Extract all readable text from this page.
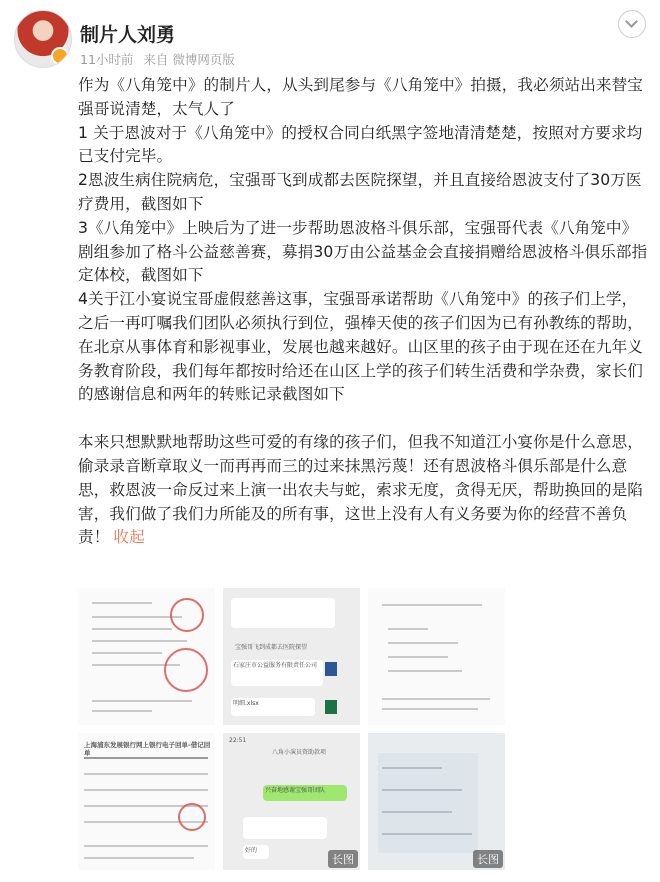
制片人刘勇
11小时前 来自 微博网页版

作为《八角笼中》的制片人，从头到尾参与《八角笼中》拍摄，我必须站出来替宝强哥说清楚，太气人了

1 关于恩波对于《八角笼中》的授权合同白纸黑字签地清清楚楚，按照对方要求均已支付完毕。

2恩波生病住院病危，宝强哥飞到成都去医院探望，并且直接给恩波支付了30万医疗费用，截图如下

3《八角笼中》上映后为了进一步帮助恩波格斗俱乐部，宝强哥代表《八角笼中》剧组参加了格斗公益慈善赛，募捐30万由公益基金会直接捐赠给恩波格斗俱乐部指定体校，截图如下

4关于江小宴说宝哥虚假慈善这事，宝强哥承诺帮助《八角笼中》的孩子们上学，之后一再叮嘱我们团队必须执行到位，强棒天使的孩子们因为已有孙教练的帮助，在北京从事体育和影视事业，发展也越来越好。山区里的孩子由于现在还在九年义务教育阶段，我们每年都按时给还在山区上学的孩子们转生活费和学杂费，家长们的感谢信息和两年的转账记录截图如下

本来只想默默地帮助这些可爱的有缘的孩子们，但我不知道江小宴你是什么意思，偷录录音断章取义一而再再而三的过来抹黑污蔑！还有恩波格斗俱乐部是什么意思，救恩波一命反过来上演一出农夫与蛇，索求无度，贪得无厌，帮助换回的是陷害，我们做了我们力所能及的所有事，这世上没有人有义务要为你的经营不善负责！ 收起

宝强哥飞到成都去医院探望
石家庄市公益服务有限责任公司
明细.xlsx
上海浦东发展银行网上银行电子回单-借记回单
22:51
八角小演员资助款项
兴奋地感谢宝强哥团队
好的
长图	长图
